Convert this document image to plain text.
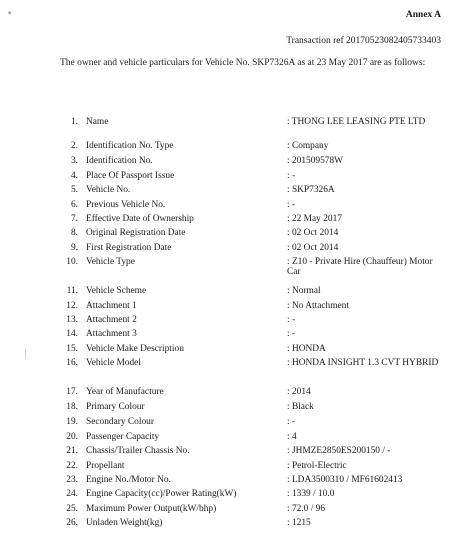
•	Annex A
Transaction ref 20170523082405733403
The owner and vehicle particulars for Vehicle No. SKP7326A as at 23 May 2017 are as follows:
1. Name	: THONG LEE LEASING PTE LTD
2. Identification No. Type	: Company
3. Identification No.	: 201509578W
4. Place Of Passport Issue	: -
5. Vehicle No.	: SKP7326A
6. Previous Vehicle No.	: -
7. Effective Date of Ownership	: 22 May 2017
8. Original Registration Date	: 02 Oct 2014
9. First Registration Date	: 02 Oct 2014
10. Vehicle Type	: Z10 - Private Hire (Chauffeur) Motor Car
11. Vehicle Scheme	: Normal
12. Attachment 1	: No Attachment
13. Attachment 2	: -
14. Attachment 3	: -
15. Vehicle Make Description	: HONDA
16. Vehicle Model	: HONDA INSIGHT 1.3 CVT HYBRID
17. Year of Manufacture	: 2014
18. Primary Colour	: Black
19. Secondary Colour	: -
20. Passenger Capacity	: 4
21. Chassis/Trailer Chassis No.	: JHMZE2850ES200150 / -
22. Propellant	: Petrol-Electric
23. Engine No./Motor No.	: LDA3500310 / MF61602413
24. Engine Capacity(cc)/Power Rating(kW)	: 1339 / 10.0
25. Maximum Power Output(kW/bhp)	: 72.0 / 96
26. Unladen Weight(kg)	: 1215
